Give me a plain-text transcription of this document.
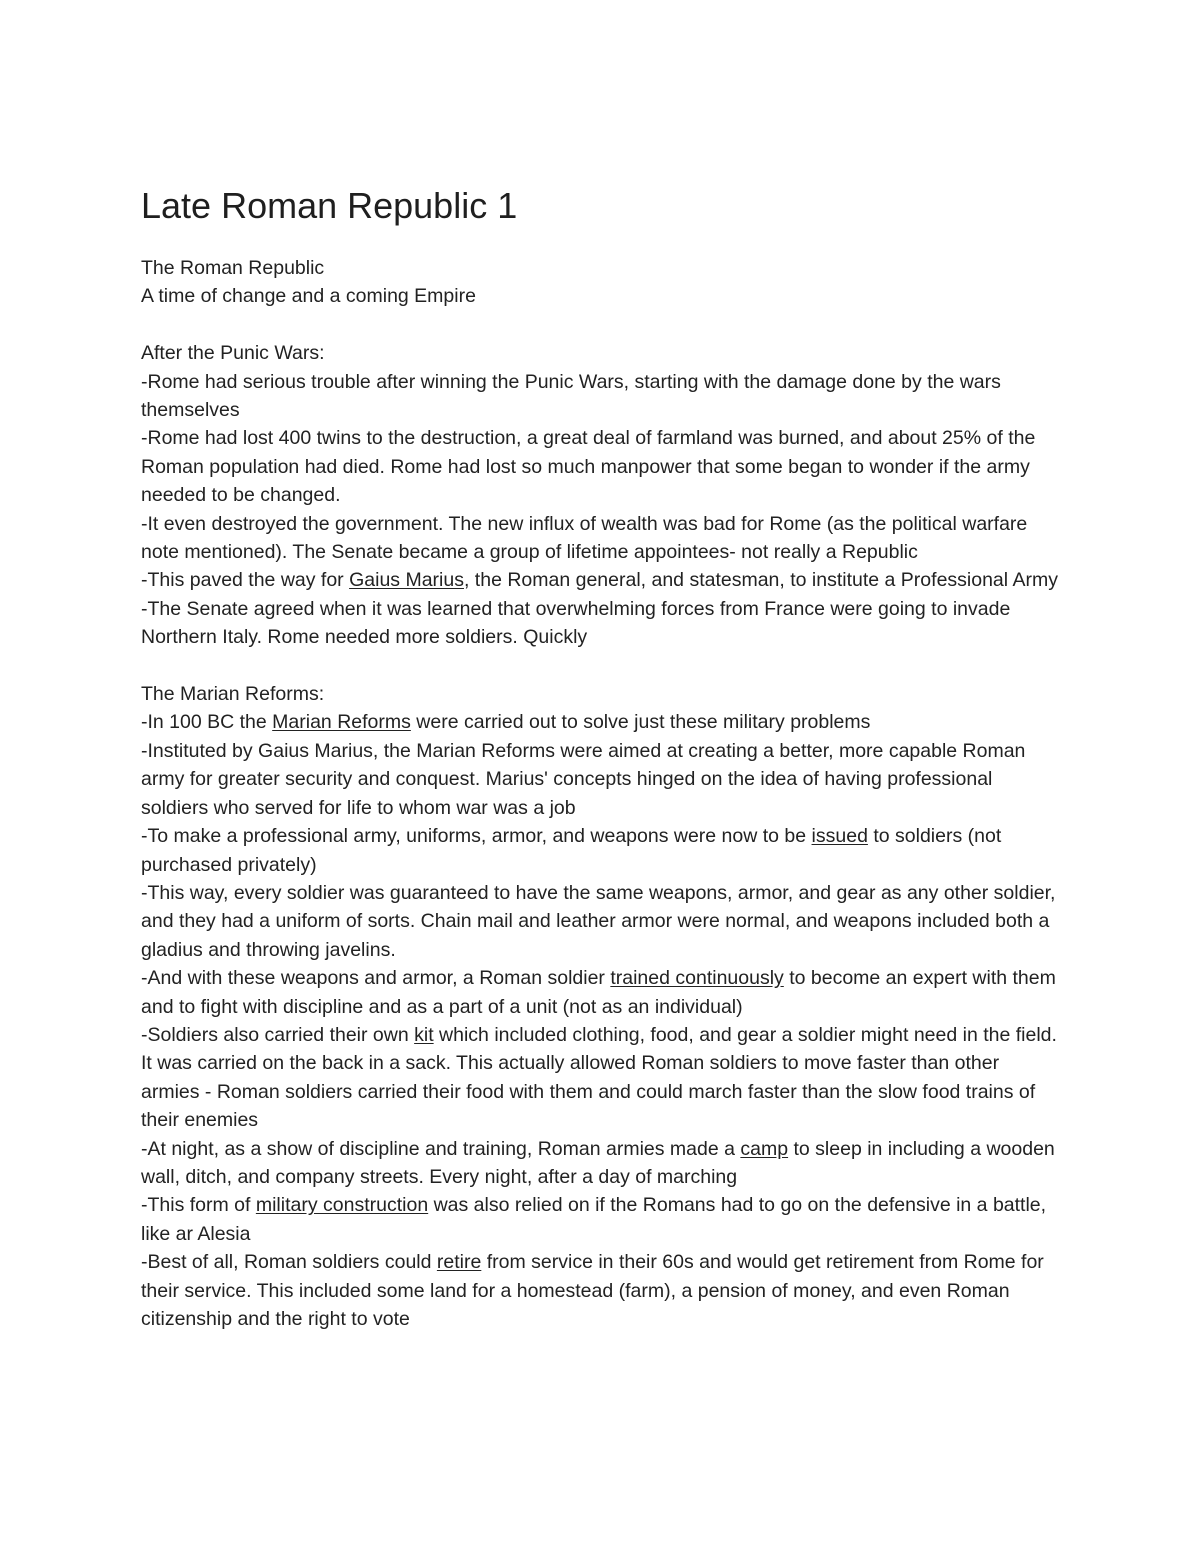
Late Roman Republic 1

The Roman Republic

A time of change and a coming Empire

After the Punic Wars:

-Rome had serious trouble after winning the Punic Wars, starting with the damage done by the wars themselves

-Rome had lost 400 twins to the destruction, a great deal of farmland was burned, and about 25% of the Roman population had died. Rome had lost so much manpower that some began to wonder if the army needed to be changed.

-It even destroyed the government. The new influx of wealth was bad for Rome (as the political warfare note mentioned). The Senate became a group of lifetime appointees- not really a Republic

-This paved the way for Gaius Marius, the Roman general, and statesman, to institute a Professional Army

-The Senate agreed when it was learned that overwhelming forces from France were going to invade Northern Italy. Rome needed more soldiers. Quickly

The Marian Reforms:

-In 100 BC the Marian Reforms were carried out to solve just these military problems

-Instituted by Gaius Marius, the Marian Reforms were aimed at creating a better, more capable Roman army for greater security and conquest. Marius' concepts hinged on the idea of having professional soldiers who served for life to whom war was a job

-To make a professional army, uniforms, armor, and weapons were now to be issued to soldiers (not purchased privately)

-This way, every soldier was guaranteed to have the same weapons, armor, and gear as any other soldier, and they had a uniform of sorts. Chain mail and leather armor were normal, and weapons included both a gladius and throwing javelins.

-And with these weapons and armor, a Roman soldier trained continuously to become an expert with them and to fight with discipline and as a part of a unit (not as an individual)

-Soldiers also carried their own kit which included clothing, food, and gear a soldier might need in the field. It was carried on the back in a sack. This actually allowed Roman soldiers to move faster than other armies - Roman soldiers carried their food with them and could march faster than the slow food trains of their enemies

-At night, as a show of discipline and training, Roman armies made a camp to sleep in including a wooden wall, ditch, and company streets. Every night, after a day of marching

-This form of military construction was also relied on if the Romans had to go on the defensive in a battle, like ar Alesia

-Best of all, Roman soldiers could retire from service in their 60s and would get retirement from Rome for their service. This included some land for a homestead (farm), a pension of money, and even Roman citizenship and the right to vote
